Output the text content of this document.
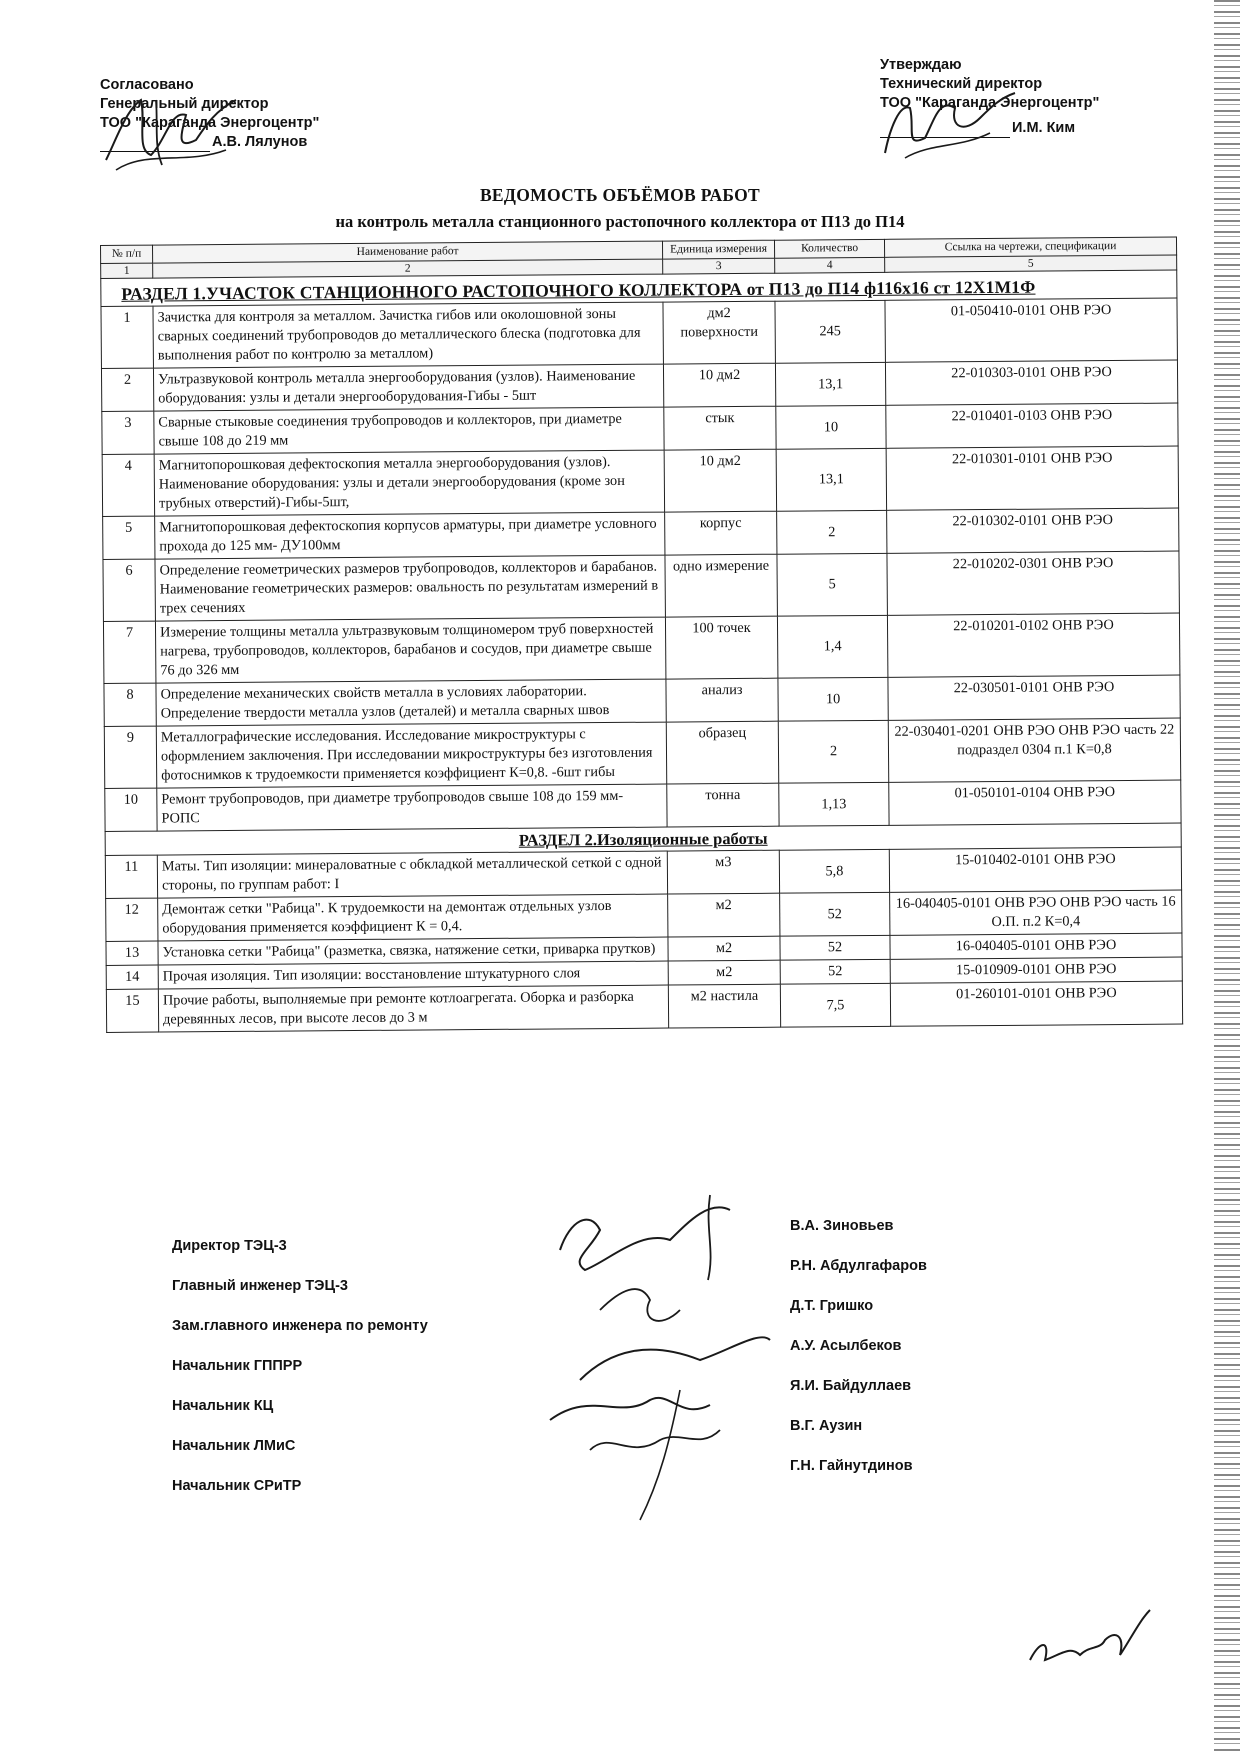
Согласовано
Генеральный директор
ТОО "Караганда Энергоцентр"
А.В. Лялунов
Утверждаю
Технический директор
ТОО "Караганда Энергоцентр"
И.М. Ким
ВЕДОМОСТЬ ОБЪЁМОВ РАБОТ
на контроль металла станционного растопочного коллектора от П13 до П14
№ п/п	Наименование работ	Единица измерения	Количество	Ссылка на чертежи, спецификации
1	2	3	4	5
РАЗДЕЛ 1.УЧАСТОК СТАНЦИОННОГО РАСТОПОЧНОГО КОЛЛЕКТОРА от П13 до П14 ф116х16 ст 12Х1М1Ф				
1	Зачистка для контроля за металлом. Зачистка гибов или околошовной зоны сварных соединений трубопроводов до металлического блеска (подготовка для выполнения работ по контролю за металлом)	дм2 поверхности	245	01-050410-0101 ОНВ РЭО
2	Ультразвуковой контроль металла энергооборудования (узлов). Наименование оборудования: узлы и детали энергооборудования-Гибы - 5шт	10 дм2	13,1	22-010303-0101 ОНВ РЭО
3	Сварные стыковые соединения трубопроводов и коллекторов, при диаметре свыше 108 до 219 мм	стык	10	22-010401-0103 ОНВ РЭО
4	Магнитопорошковая дефектоскопия металла энергооборудования (узлов). Наименование оборудования: узлы и детали энергооборудования (кроме зон трубных отверстий)-Гибы-5шт,	10 дм2	13,1	22-010301-0101 ОНВ РЭО
5	Магнитопорошковая дефектоскопия корпусов арматуры, при диаметре условного прохода до 125 мм- ДУ100мм	корпус	2	22-010302-0101 ОНВ РЭО
6	Определение геометрических размеров трубопроводов, коллекторов и барабанов. Наименование геометрических размеров: овальность по результатам измерений в трех сечениях	одно измерение	5	22-010202-0301 ОНВ РЭО
7	Измерение толщины металла ультразвуковым толщиномером труб поверхностей нагрева, трубопроводов, коллекторов, барабанов и сосудов, при диаметре свыше 76 до 326 мм	100 точек	1,4	22-010201-0102 ОНВ РЭО
8	Определение механических свойств металла в условиях лаборатории. Определение твердости металла узлов (деталей) и металла сварных швов	анализ	10	22-030501-0101 ОНВ РЭО
9	Металлографические исследования. Исследование микроструктуры с оформлением заключения. При исследовании микроструктуры без изготовления фотоснимков к трудоемкости применяется коэффициент К=0,8. -6шт гибы	образец	2	22-030401-0201 ОНВ РЭО ОНВ РЭО часть 22 подраздел 0304 п.1 К=0,8
10	Ремонт трубопроводов, при диаметре трубопроводов свыше 108 до 159 мм- РОПС	тонна	1,13	01-050101-0104 ОНВ РЭО
РАЗДЕЛ 2.Изоляционные работы				
11	Маты. Тип изоляции: минераловатные с обкладкой металлической сеткой с одной стороны, по группам работ: I	м3	5,8	15-010402-0101 ОНВ РЭО
12	Демонтаж сетки "Рабица". К трудоемкости на демонтаж отдельных узлов оборудования применяется коэффициент К = 0,4.	м2	52	16-040405-0101 ОНВ РЭО ОНВ РЭО часть 16 О.П. п.2 К=0,4
13	Установка сетки "Рабица" (разметка, связка, натяжение сетки, приварка прутков)	м2	52	16-040405-0101 ОНВ РЭО
14	Прочая изоляция. Тип изоляции: восстановление штукатурного слоя	м2	52	15-010909-0101 ОНВ РЭО
15	Прочие работы, выполняемые при ремонте котлоагрегата. Оборка и разборка деревянных лесов, при высоте лесов до 3 м	м2 настила	7,5	01-260101-0101 ОНВ РЭО
Директор ТЭЦ-3
Главный инженер ТЭЦ-3
Зам.главного инженера по ремонту
Начальник ГППРР
Начальник КЦ
Начальник ЛМиС
Начальник СРиТР
В.А. Зиновьев
Р.Н. Абдулгафаров
Д.Т. Гришко
А.У. Асылбеков
Я.И. Байдуллаев
В.Г. Аузин
Г.Н. Гайнутдинов
